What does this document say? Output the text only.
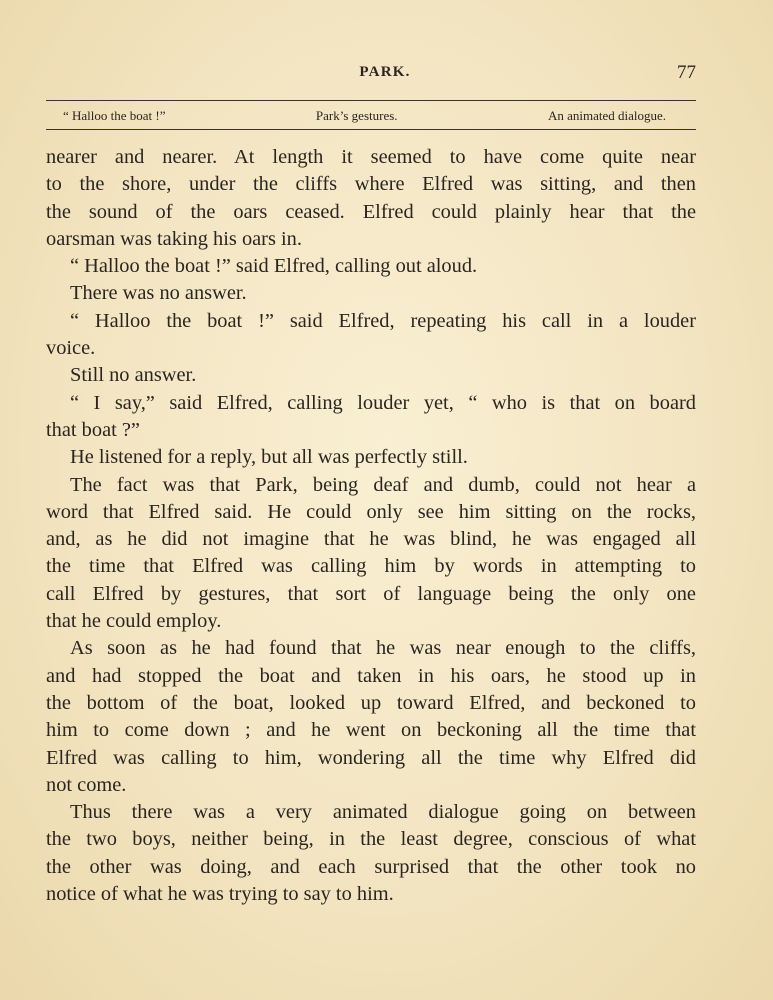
PARK.	77
“ Halloo the boat !”	Park’s gestures.	An animated dialogue.
nearer and nearer. At length it seemed to have come quite near
to the shore, under the cliffs where Elfred was sitting, and then
the sound of the oars ceased. Elfred could plainly hear that the
oarsman was taking his oars in.
“ Halloo the boat !” said Elfred, calling out aloud.
There was no answer.
“ Halloo the boat !” said Elfred, repeating his call in a louder
voice.
Still no answer.
“ I say,” said Elfred, calling louder yet, “ who is that on board
that boat ?”
He listened for a reply, but all was perfectly still.
The fact was that Park, being deaf and dumb, could not hear a
word that Elfred said. He could only see him sitting on the rocks,
and, as he did not imagine that he was blind, he was engaged all
the time that Elfred was calling him by words in attempting to
call Elfred by gestures, that sort of language being the only one
that he could employ.
As soon as he had found that he was near enough to the cliffs,
and had stopped the boat and taken in his oars, he stood up in
the bottom of the boat, looked up toward Elfred, and beckoned to
him to come down ; and he went on beckoning all the time that
Elfred was calling to him, wondering all the time why Elfred did
not come.
Thus there was a very animated dialogue going on between
the two boys, neither being, in the least degree, conscious of what
the other was doing, and each surprised that the other took no
notice of what he was trying to say to him.
